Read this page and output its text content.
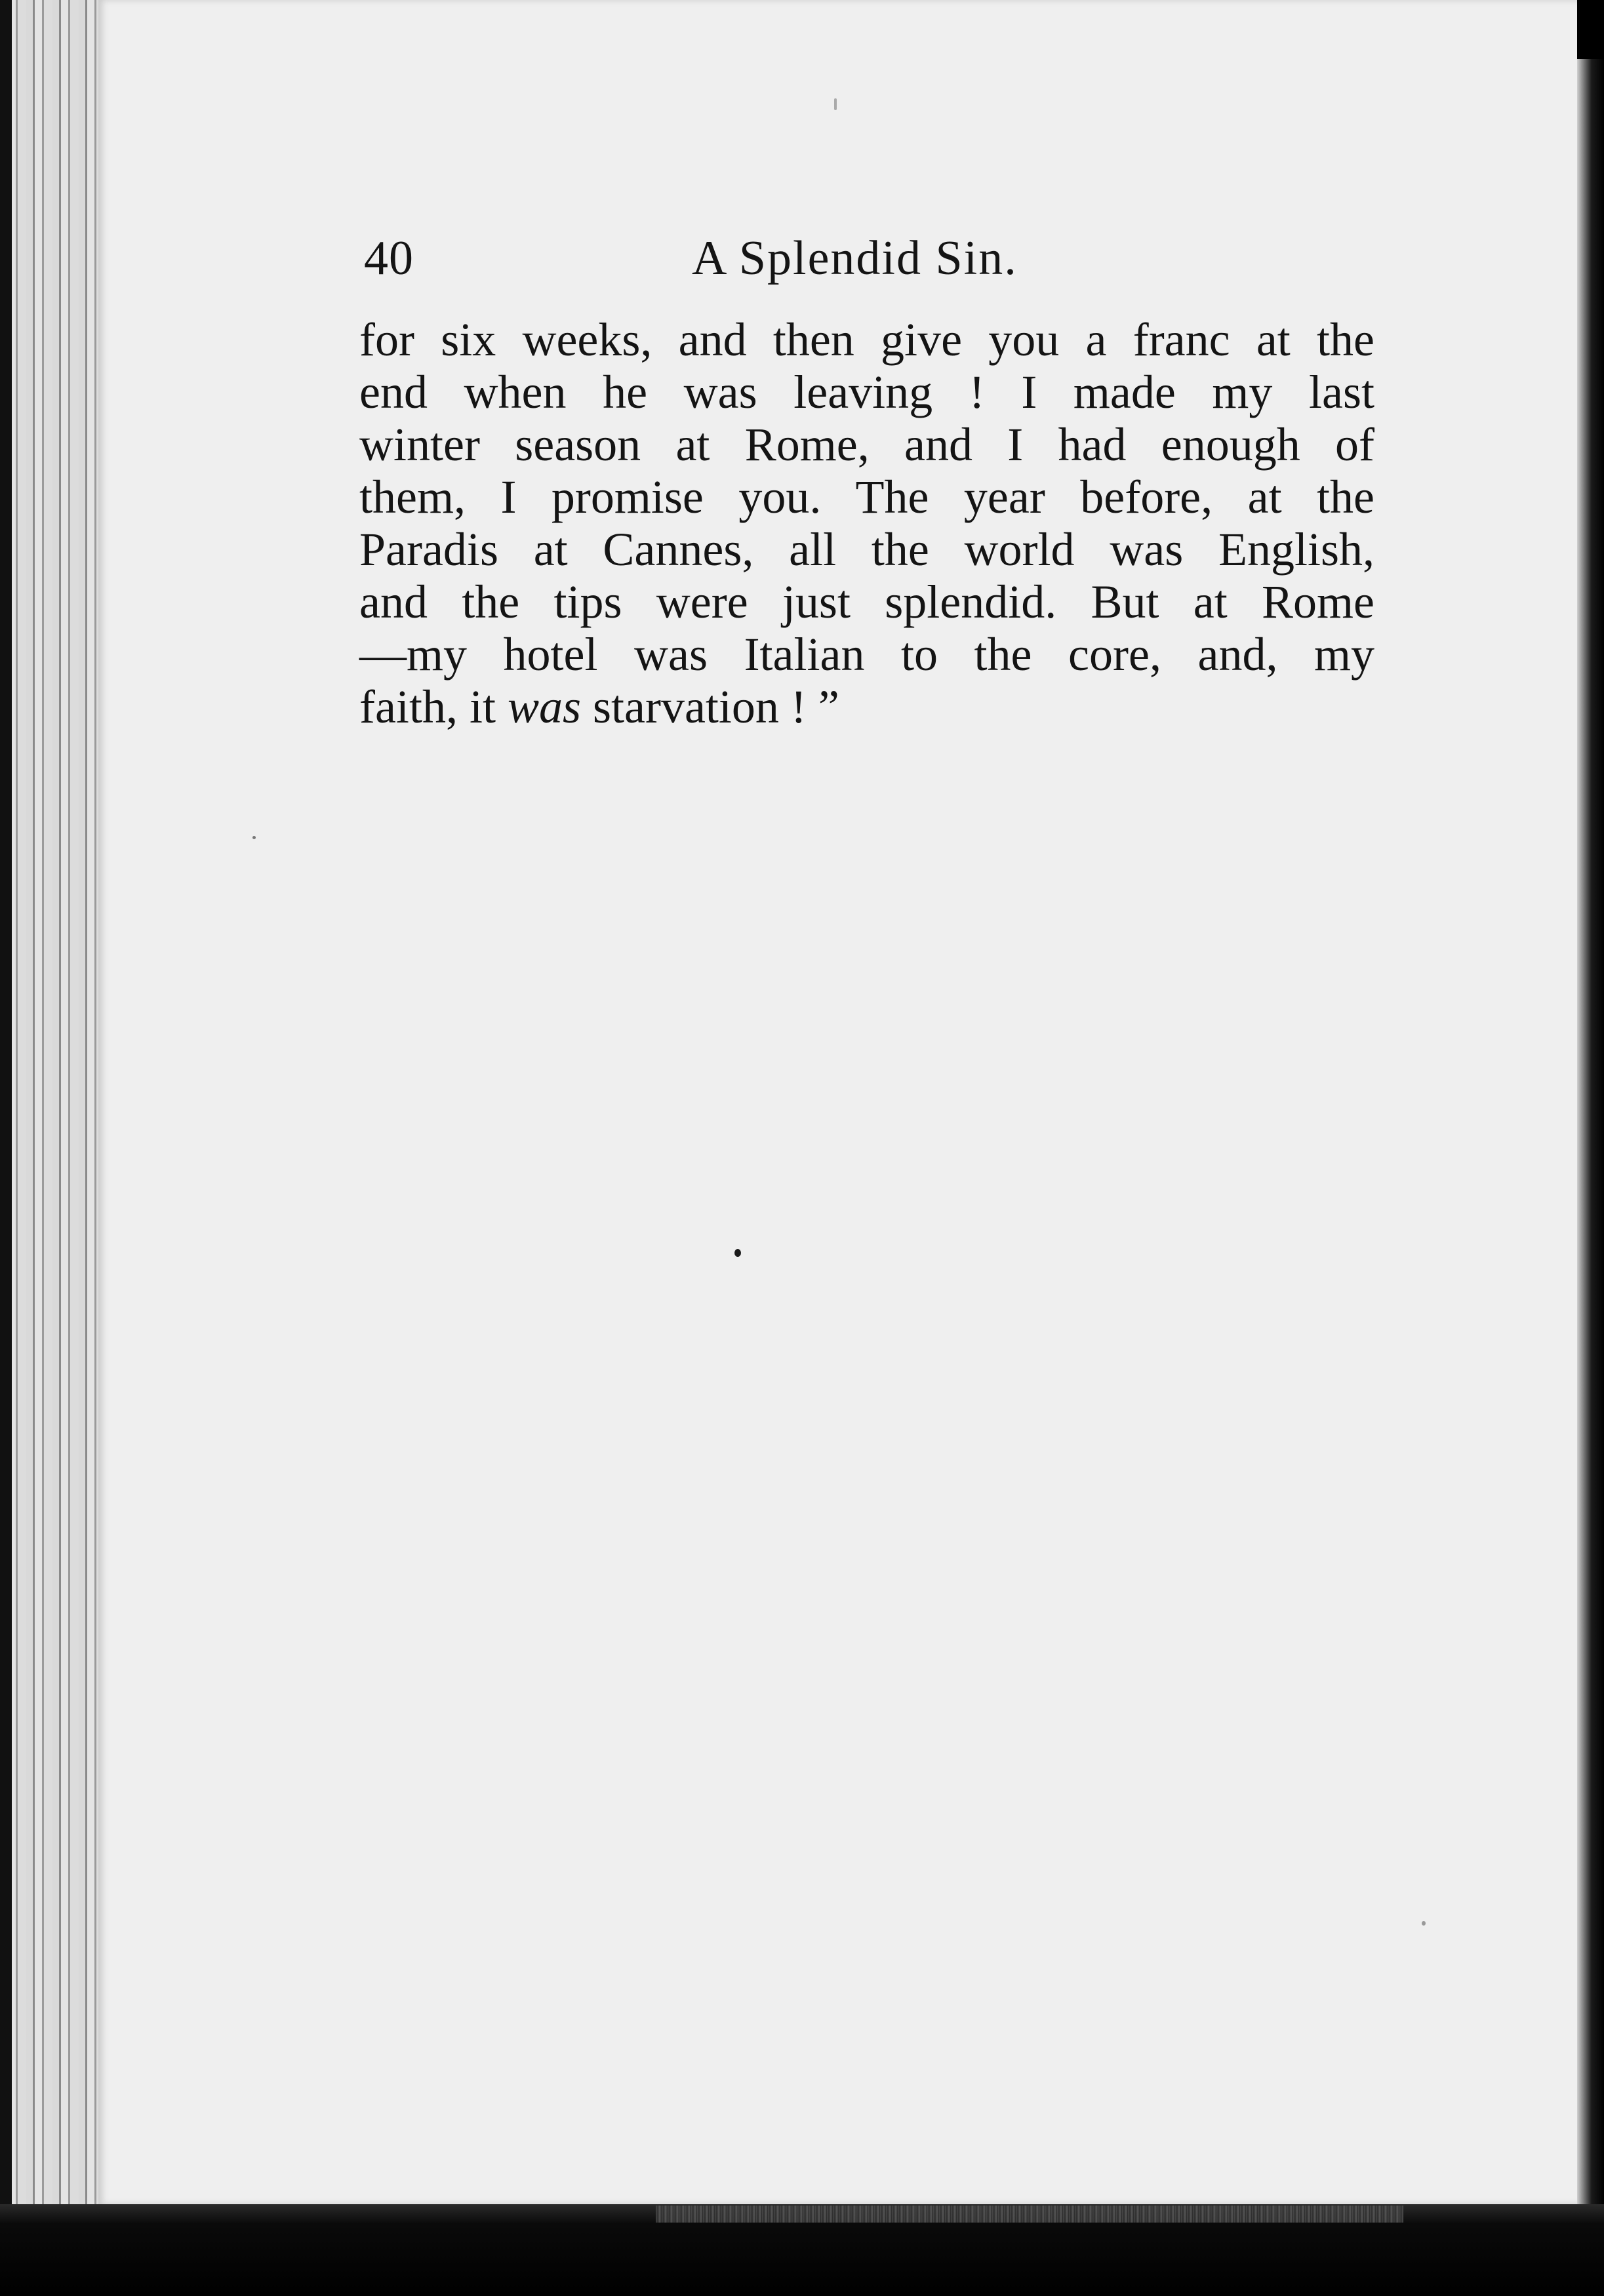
40	A Splendid Sin.
for six weeks, and then give you a franc at the
end when he was leaving ! I made my last
winter season at Rome, and I had enough of
them, I promise you. The year before, at the
Paradis at Cannes, all the world was English,
and the tips were just splendid. But at Rome
—my hotel was Italian to the core, and, my
faith, it was starvation ! ”
